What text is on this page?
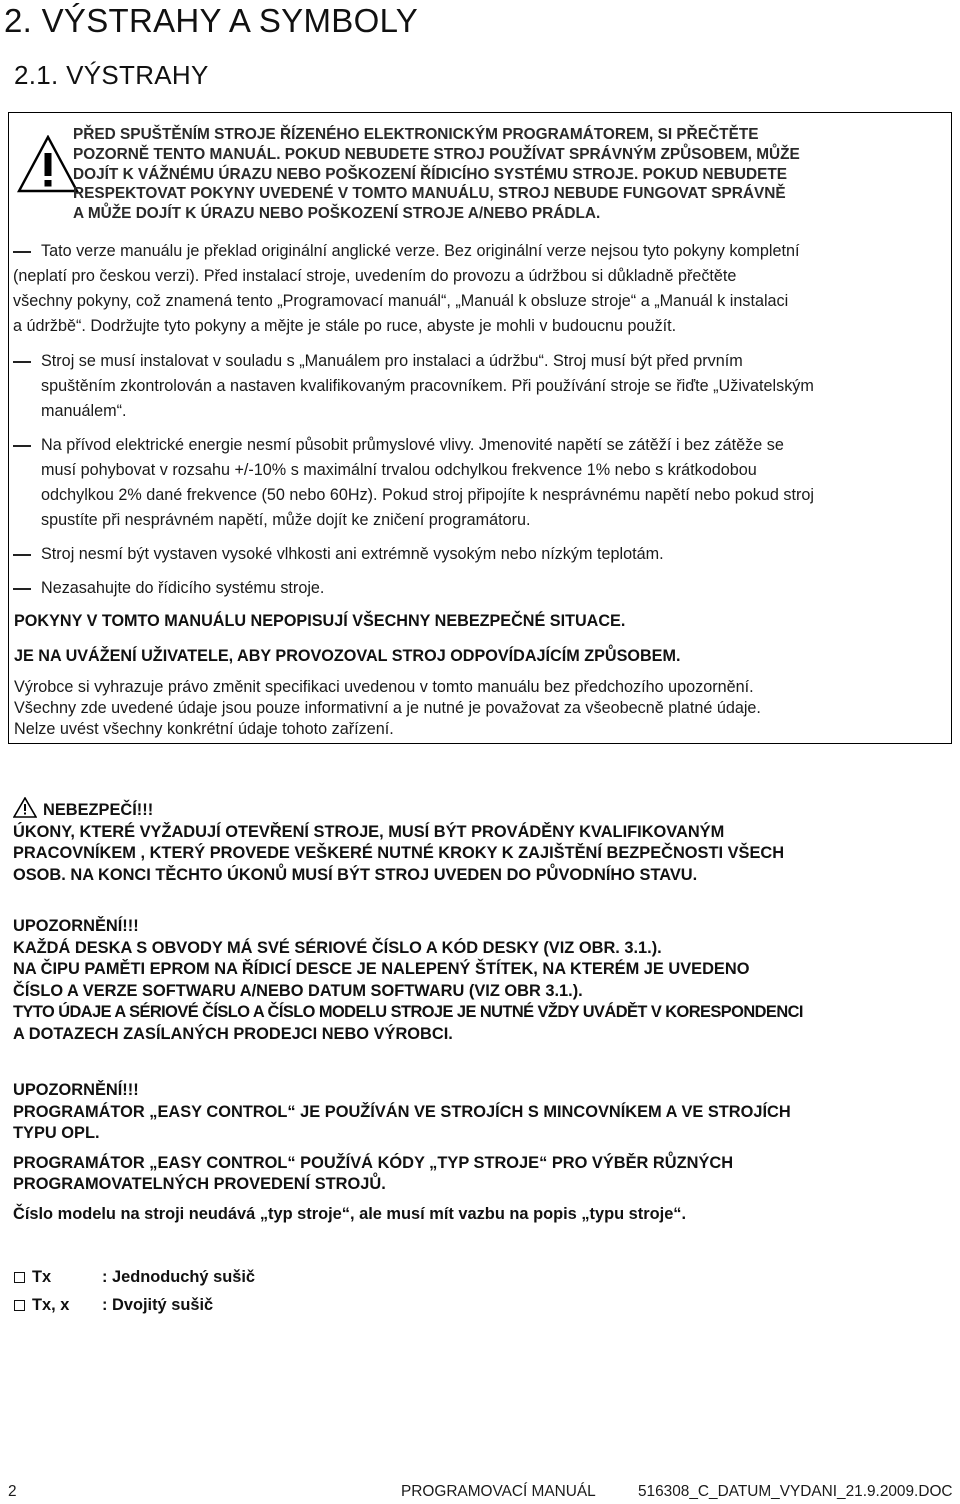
2. VÝSTRAHY A SYMBOLY
2.1. VÝSTRAHY
PŘED SPUŠTĚNÍM STROJE ŘÍZENÉHO ELEKTRONICKÝM PROGRAMÁTOREM, SI PŘEČTĚTE
POZORNĚ TENTO MANUÁL. POKUD NEBUDETE STROJ POUŽÍVAT SPRÁVNÝM ZPŮSOBEM, MŮŽE
DOJÍT K VÁŽNÉMU ÚRAZU NEBO POŠKOZENÍ ŘÍDICÍHO SYSTÉMU STROJE. POKUD NEBUDETE
RESPEKTOVAT POKYNY UVEDENÉ V TOMTO MANUÁLU, STROJ NEBUDE FUNGOVAT SPRÁVNĚ
A MŮŽE DOJÍT K ÚRAZU NEBO POŠKOZENÍ STROJE A/NEBO PRÁDLA.
Tato verze manuálu je překlad originální anglické verze. Bez originální verze nejsou tyto pokyny kompletní
(neplatí pro českou verzi). Před instalací stroje, uvedením do provozu a údržbou si důkladně přečtěte
všechny pokyny, což znamená tento „Programovací manuál“, „Manuál k obsluze stroje“ a „Manuál k instalaci
a údržbě“. Dodržujte tyto pokyny a mějte je stále po ruce, abyste je mohli v budoucnu použít.
Stroj se musí instalovat v souladu s „Manuálem pro instalaci a údržbu“. Stroj musí být před prvním
spuštěním zkontrolován a nastaven kvalifikovaným pracovníkem. Při používání stroje se řiďte „Uživatelským
manuálem“.
Na přívod elektrické energie nesmí působit průmyslové vlivy. Jmenovité napětí se zátěží i bez zátěže se
musí pohybovat v rozsahu +/-10% s maximální trvalou odchylkou frekvence 1% nebo s krátkodobou
odchylkou 2% dané frekvence (50 nebo 60Hz). Pokud stroj připojíte k nesprávnému napětí nebo pokud stroj
spustíte při nesprávném napětí, může dojít ke zničení programátoru.
Stroj nesmí být vystaven vysoké vlhkosti ani extrémně vysokým nebo nízkým teplotám.
Nezasahujte do řídicího systému stroje.
POKYNY V TOMTO MANUÁLU NEPOPISUJÍ VŠECHNY NEBEZPEČNÉ SITUACE.
JE NA UVÁŽENÍ UŽIVATELE, ABY PROVOZOVAL STROJ ODPOVÍDAJÍCÍM ZPŮSOBEM.
Výrobce si vyhrazuje právo změnit specifikaci uvedenou v tomto manuálu bez předchozího upozornění.
Všechny zde uvedené údaje jsou pouze informativní a je nutné je považovat za všeobecně platné údaje.
Nelze uvést všechny konkrétní údaje tohoto zařízení.

NEBEZPEČÍ!!!

ÚKONY, KTERÉ VYŽADUJÍ OTEVŘENÍ STROJE, MUSÍ BÝT PROVÁDĚNY KVALIFIKOVANÝM

PRACOVNÍKEM , KTERÝ PROVEDE VEŠKERÉ NUTNÉ KROKY K ZAJIŠTĚNÍ BEZPEČNOSTI VŠECH

OSOB. NA KONCI TĚCHTO ÚKONŮ MUSÍ BÝT STROJ UVEDEN DO PŮVODNÍHO STAVU.

UPOZORNĚNÍ!!!

KAŽDÁ DESKA S OBVODY MÁ SVÉ SÉRIOVÉ ČÍSLO A KÓD DESKY (VIZ OBR. 3.1.).

NA ČIPU PAMĚTI EPROM NA ŘÍDICÍ DESCE JE NALEPENÝ ŠTÍTEK, NA KTERÉM JE UVEDENO

ČÍSLO A VERZE SOFTWARU A/NEBO DATUM SOFTWARU (VIZ OBR 3.1.).

TYTO ÚDAJE A SÉRIOVÉ ČÍSLO A ČÍSLO MODELU STROJE JE NUTNÉ VŽDY UVÁDĚT V KORESPONDENCI

A DOTAZECH ZASÍLANÝCH PRODEJCI NEBO VÝROBCI.

UPOZORNĚNÍ!!!

PROGRAMÁTOR „EASY CONTROL“ JE POUŽÍVÁN VE STROJÍCH S MINCOVNÍKEM A VE STROJÍCH

TYPU OPL.

PROGRAMÁTOR „EASY CONTROL“ POUŽÍVÁ KÓDY „TYP STROJE“ PRO VÝBĚR RŮZNÝCH

PROGRAMOVATELNÝCH PROVEDENÍ STROJŮ.

Číslo modelu na stroji neudává „typ stroje“, ale musí mít vazbu na popis „typu stroje“.

Tx	: Jednoduchý sušič
Tx, x : Dvojitý sušič
2	PROGRAMOVACÍ MANUÁL	516308_C_DATUM_VYDANI_21.9.2009.DOC
